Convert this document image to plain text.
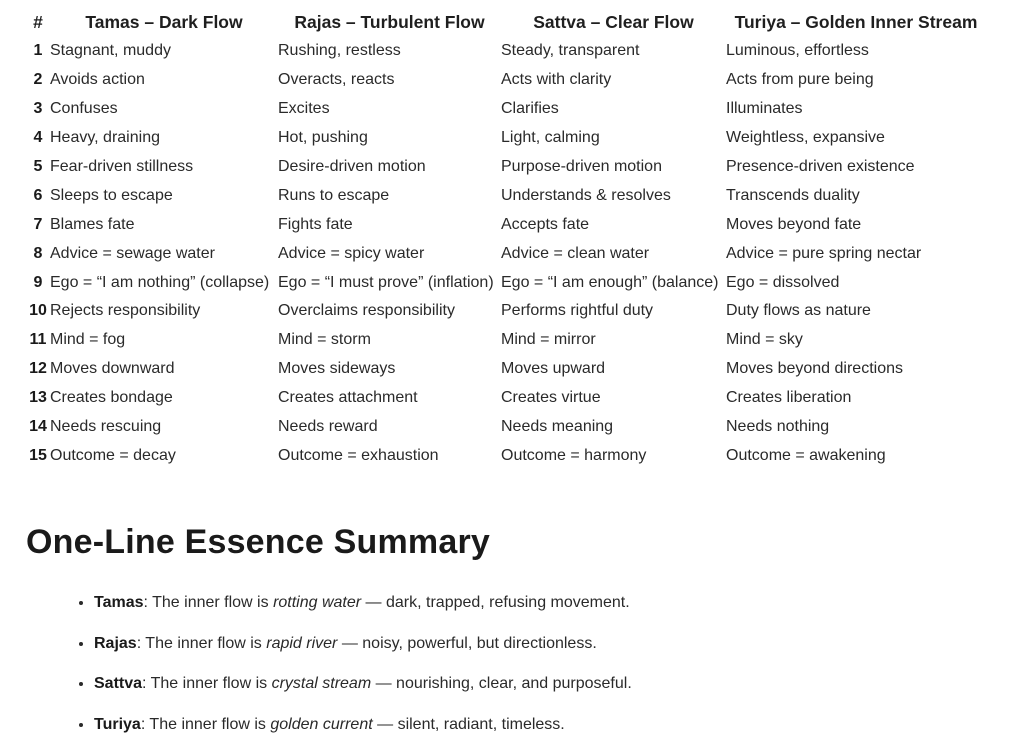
#	Tamas – Dark Flow	Rajas – Turbulent Flow	Sattva – Clear Flow	Turiya – Golden Inner Stream
1	Stagnant, muddy	Rushing, restless	Steady, transparent	Luminous, effortless
2	Avoids action	Overacts, reacts	Acts with clarity	Acts from pure being
3	Confuses	Excites	Clarifies	Illuminates
4	Heavy, draining	Hot, pushing	Light, calming	Weightless, expansive
5	Fear-driven stillness	Desire-driven motion	Purpose-driven motion	Presence-driven existence
6	Sleeps to escape	Runs to escape	Understands & resolves	Transcends duality
7	Blames fate	Fights fate	Accepts fate	Moves beyond fate
8	Advice = sewage water	Advice = spicy water	Advice = clean water	Advice = pure spring nectar
9	Ego = “I am nothing” (collapse)	Ego = “I must prove” (inflation)	Ego = “I am enough” (balance)	Ego = dissolved
10	Rejects responsibility	Overclaims responsibility	Performs rightful duty	Duty flows as nature
11	Mind = fog	Mind = storm	Mind = mirror	Mind = sky
12	Moves downward	Moves sideways	Moves upward	Moves beyond directions
13	Creates bondage	Creates attachment	Creates virtue	Creates liberation
14	Needs rescuing	Needs reward	Needs meaning	Needs nothing
15	Outcome = decay	Outcome = exhaustion	Outcome = harmony	Outcome = awakening
One-Line Essence Summary
• Tamas: The inner flow is rotting water — dark, trapped, refusing movement.
• Rajas: The inner flow is rapid river — noisy, powerful, but directionless.
• Sattva: The inner flow is crystal stream — nourishing, clear, and purposeful.
• Turiya: The inner flow is golden current — silent, radiant, timeless.
